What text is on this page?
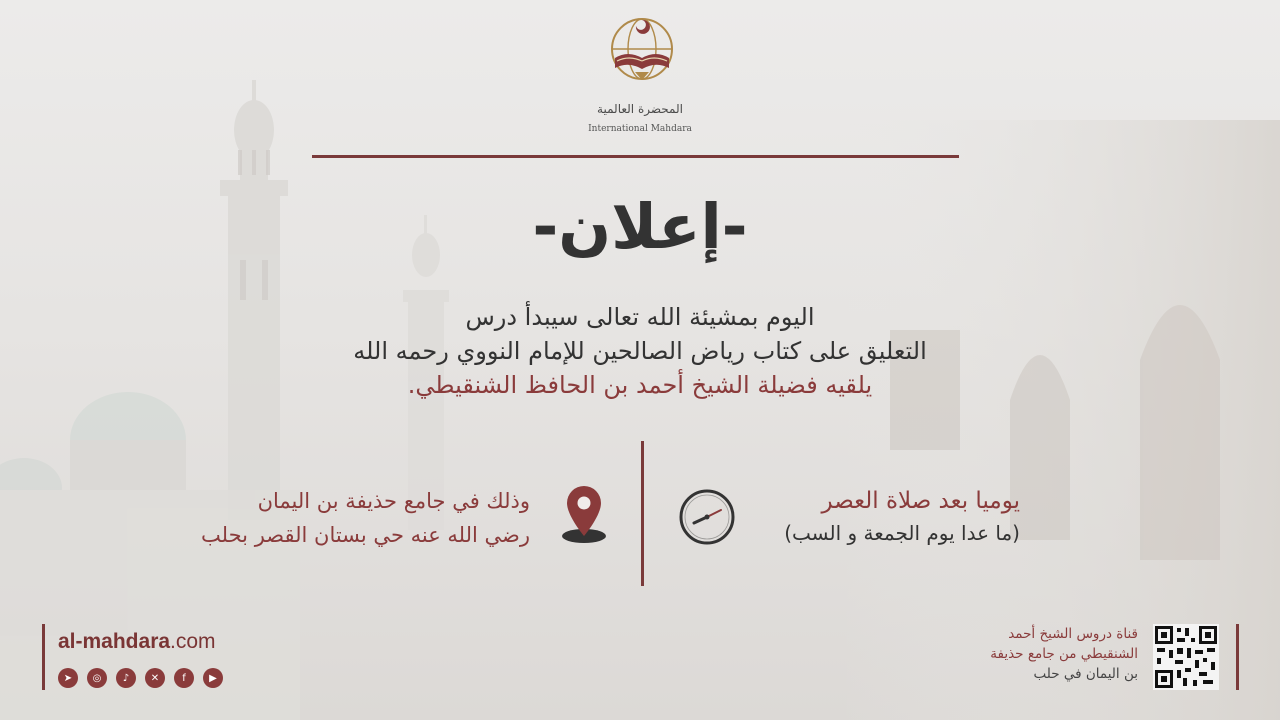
المحضرة العالمية
International Mahdara
-إعلان-
اليوم بمشيئة الله تعالى سيبدأ درس
التعليق على كتاب رياض الصالحين للإمام النووي رحمه الله
يلقيه فضيلة الشيخ أحمد بن الحافظ الشنقيطي.
يوميا بعد صلاة العصر
(ما عدا يوم الجمعة و السب)
وذلك في جامع حذيفة بن اليمان
رضي الله عنه حي بستان القصر بحلب
al-mahdara.com
➤	◎	♪	✕	f	▶
قناة دروس الشيخ أحمد
الشنقيطي من جامع حذيفة
بن اليمان في حلب
